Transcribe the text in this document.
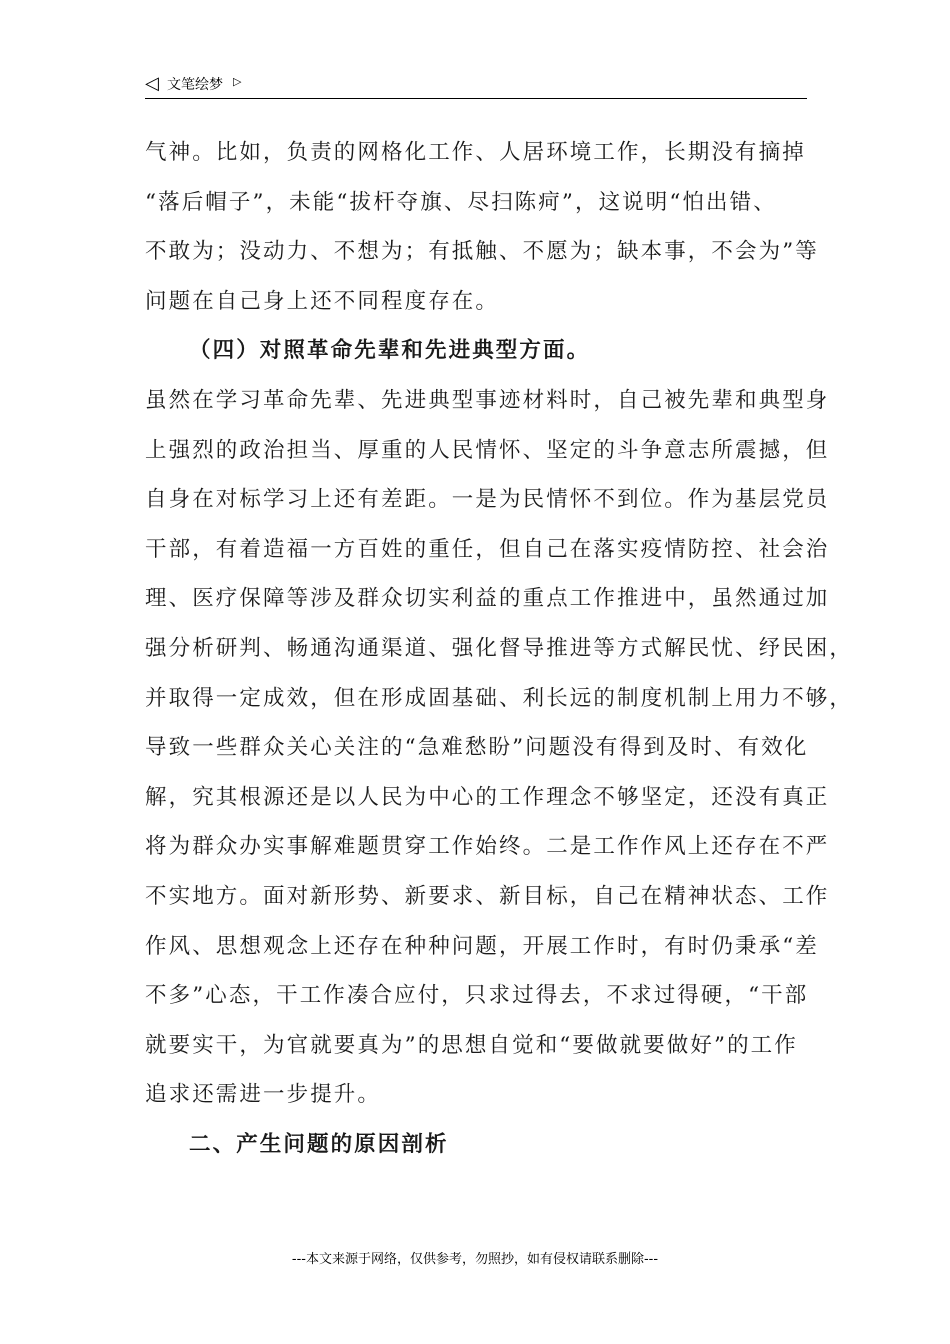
◁ 文笔绘梦 ▷
气神。比如，负责的网格化工作、人居环境工作，长期没有摘掉
“落后帽子”，未能“拔杆夺旗、尽扫陈疴”，这说明“怕出错、
不敢为；没动力、不想为；有抵触、不愿为；缺本事，不会为”等
问题在自己身上还不同程度存在。
（四）对照革命先辈和先进典型方面。
虽然在学习革命先辈、先进典型事迹材料时，自己被先辈和典型身
上强烈的政治担当、厚重的人民情怀、坚定的斗争意志所震撼，但
自身在对标学习上还有差距。一是为民情怀不到位。作为基层党员
干部，有着造福一方百姓的重任，但自己在落实疫情防控、社会治
理、医疗保障等涉及群众切实利益的重点工作推进中，虽然通过加
强分析研判、畅通沟通渠道、强化督导推进等方式解民忧、纾民困，
并取得一定成效，但在形成固基础、利长远的制度机制上用力不够，
导致一些群众关心关注的“急难愁盼”问题没有得到及时、有效化
解，究其根源还是以人民为中心的工作理念不够坚定，还没有真正
将为群众办实事解难题贯穿工作始终。二是工作作风上还存在不严
不实地方。面对新形势、新要求、新目标，自己在精神状态、工作
作风、思想观念上还存在种种问题，开展工作时，有时仍秉承“差
不多”心态，干工作凑合应付，只求过得去，不求过得硬，“干部
就要实干，为官就要真为”的思想自觉和“要做就要做好”的工作
追求还需进一步提升。
二、产生问题的原因剖析
---本文来源于网络，仅供参考，勿照抄，如有侵权请联系删除---
